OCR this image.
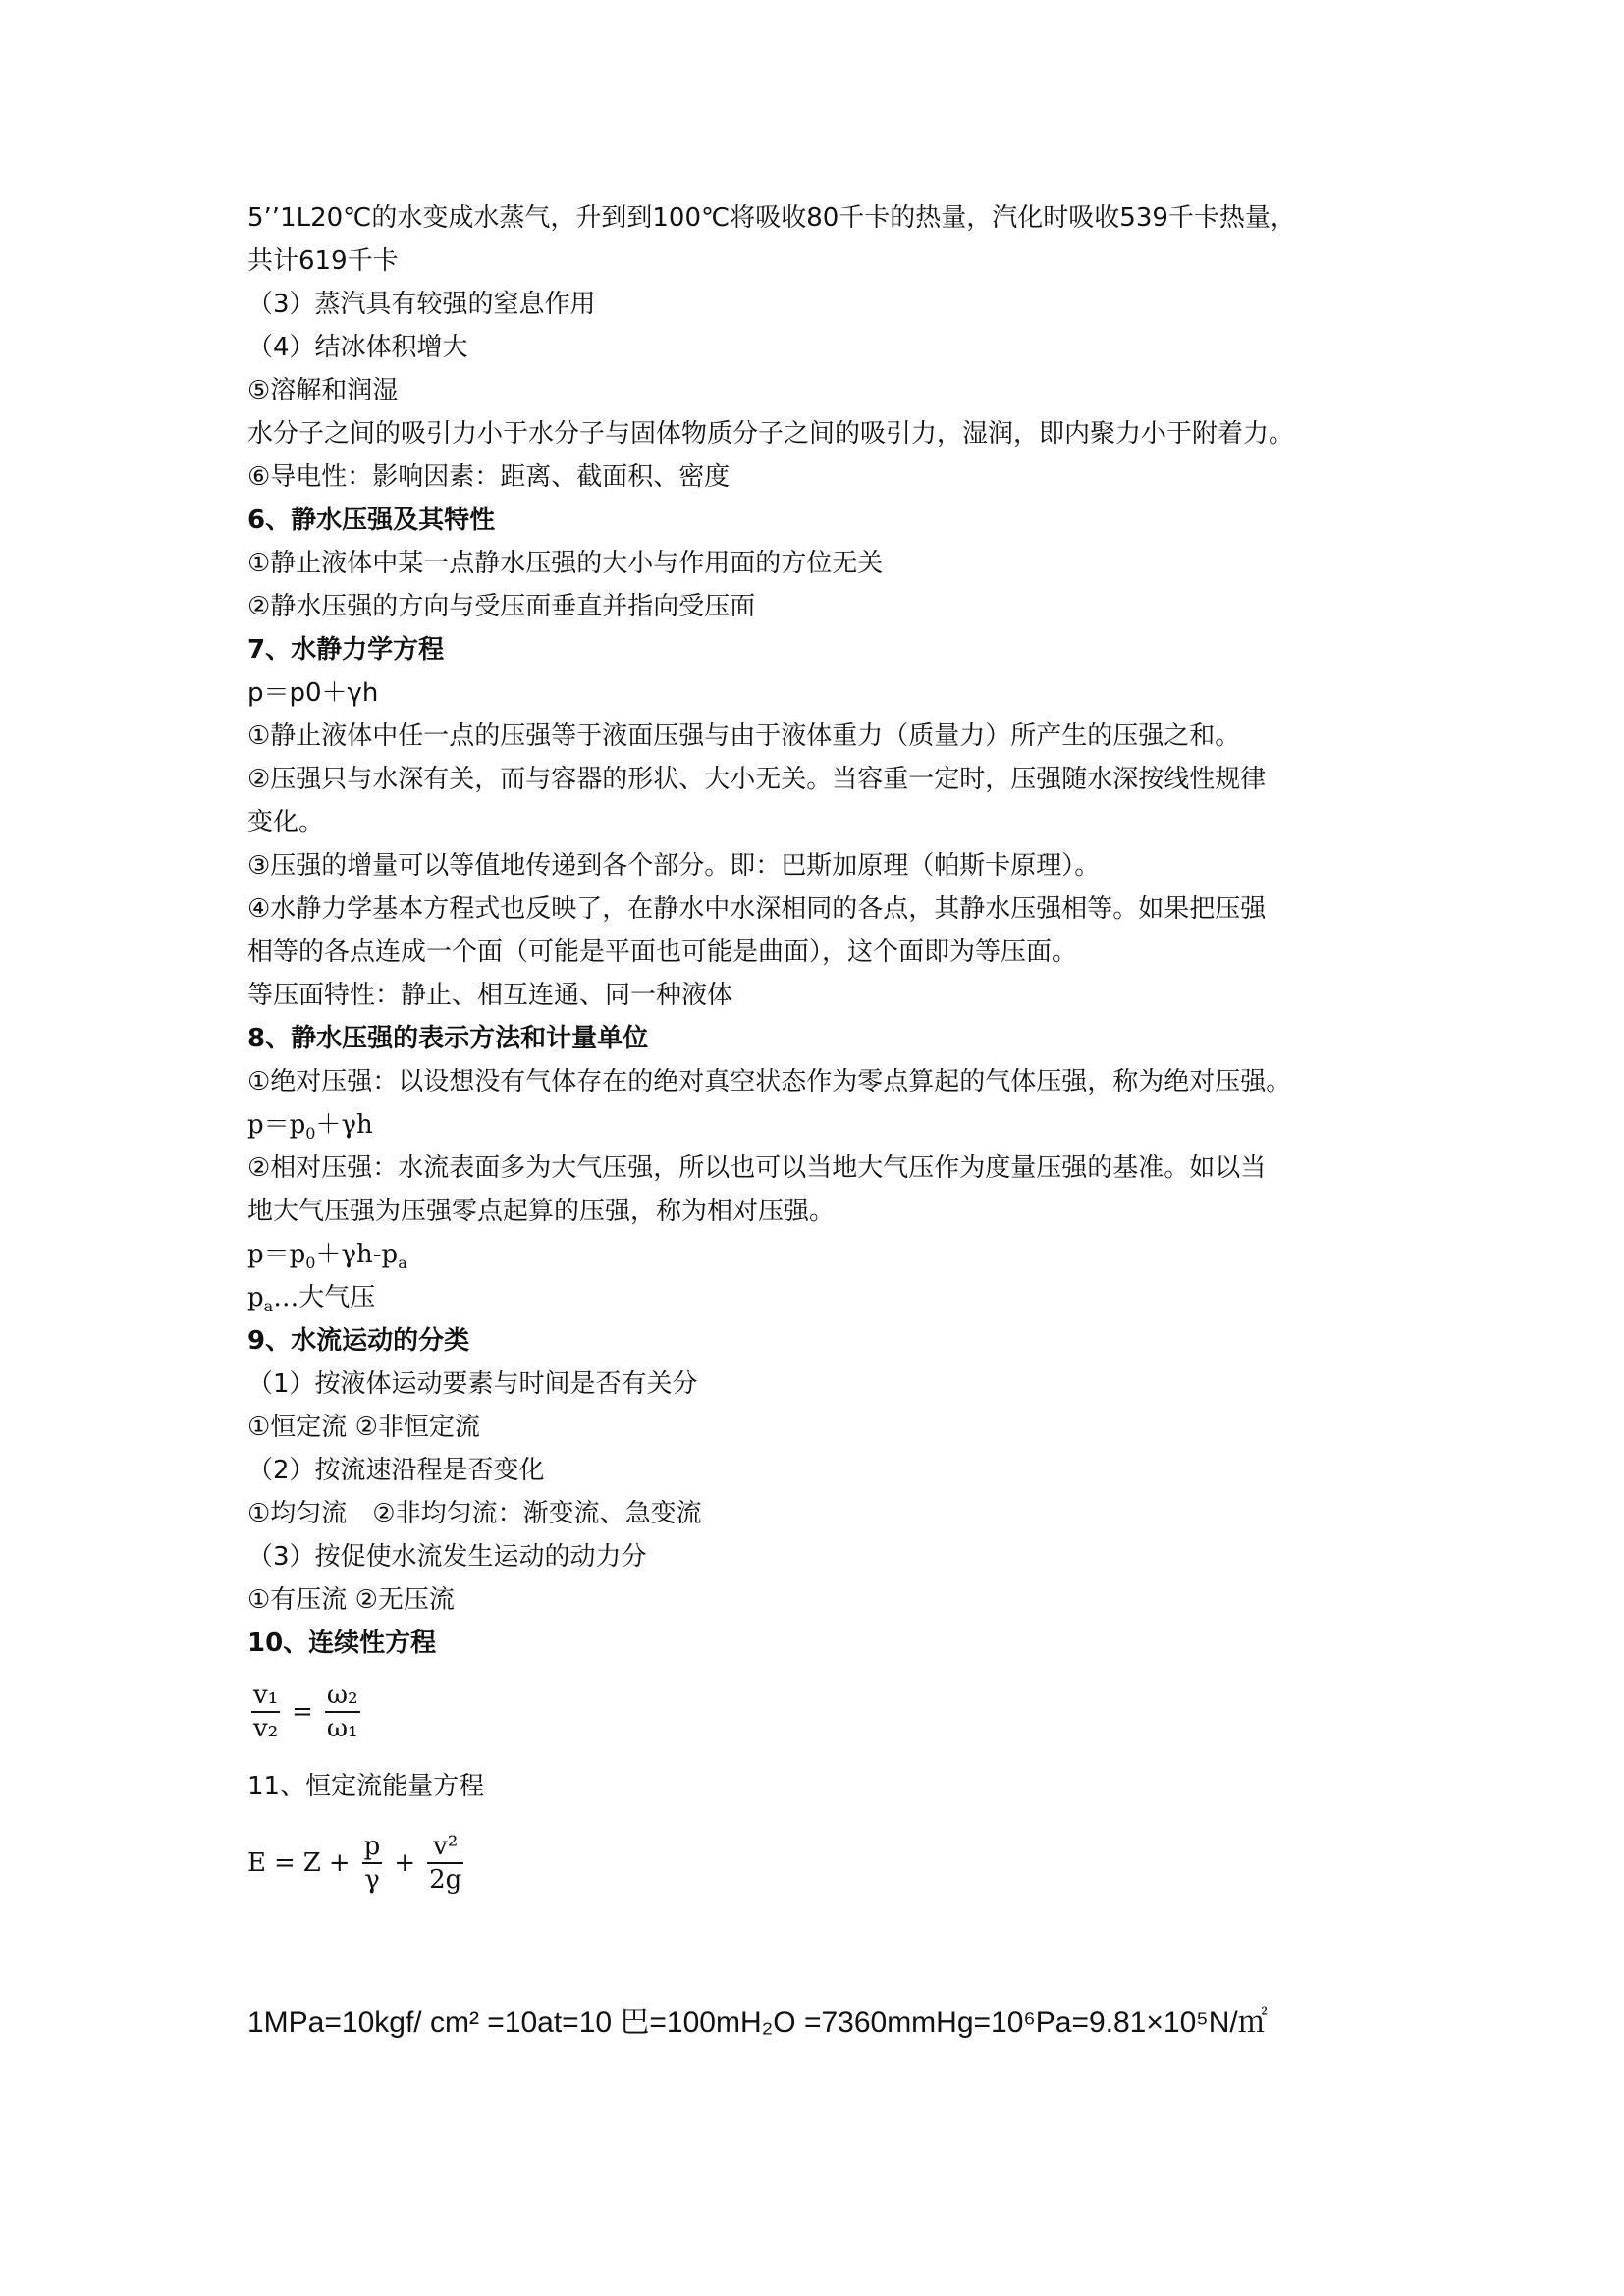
5’’1L20℃的水变成水蒸气，升到到100℃将吸收80千卡的热量，汽化时吸收539千卡热量，
共计619千卡
（3）蒸汽具有较强的窒息作用
（4）结冰体积增大
⑤溶解和润湿
水分子之间的吸引力小于水分子与固体物质分子之间的吸引力，湿润，即内聚力小于附着力。
⑥导电性：影响因素：距离、截面积、密度
6、静水压强及其特性
①静止液体中某一点静水压强的大小与作用面的方位无关
②静水压强的方向与受压面垂直并指向受压面
7、水静力学方程
p＝p0＋γh
①静止液体中任一点的压强等于液面压强与由于液体重力（质量力）所产生的压强之和。
②压强只与水深有关，而与容器的形状、大小无关。当容重一定时，压强随水深按线性规律
变化。
③压强的增量可以等值地传递到各个部分。即：巴斯加原理（帕斯卡原理）。
④水静力学基本方程式也反映了，在静水中水深相同的各点，其静水压强相等。如果把压强
相等的各点连成一个面（可能是平面也可能是曲面），这个面即为等压面。
等压面特性：静止、相互连通、同一种液体
8、静水压强的表示方法和计量单位
①绝对压强：以设想没有气体存在的绝对真空状态作为零点算起的气体压强，称为绝对压强。
$p=p_0+\gamma h$
②相对压强：水流表面多为大气压强，所以也可以当地大气压作为度量压强的基准。如以当
地大气压强为压强零点起算的压强，称为相对压强。
$p=p_0+\gamma h-p_a$
$p_a\dots$大气压
9、水流运动的分类
（1）按液体运动要素与时间是否有关分
①恒定流 ②非恒定流
（2）按流速沿程是否变化
①均匀流　②非均匀流：渐变流、急变流
（3）按促使水流发生运动的动力分
①有压流 ②无压流
10、连续性方程
$\frac{\text{v₁}}{\text{v₂}} = \frac{\text{ω₂}}{\text{ω₁}}$
11、恒定流能量方程
$E = Z + \frac{p}{\gamma} + \frac{\text{v²}}{2g}$
1MPa=10kgf/ cm² =10at=10 巴=100mH₂O =7360mmHg=10⁶Pa=9.81×10⁵N/㎡
